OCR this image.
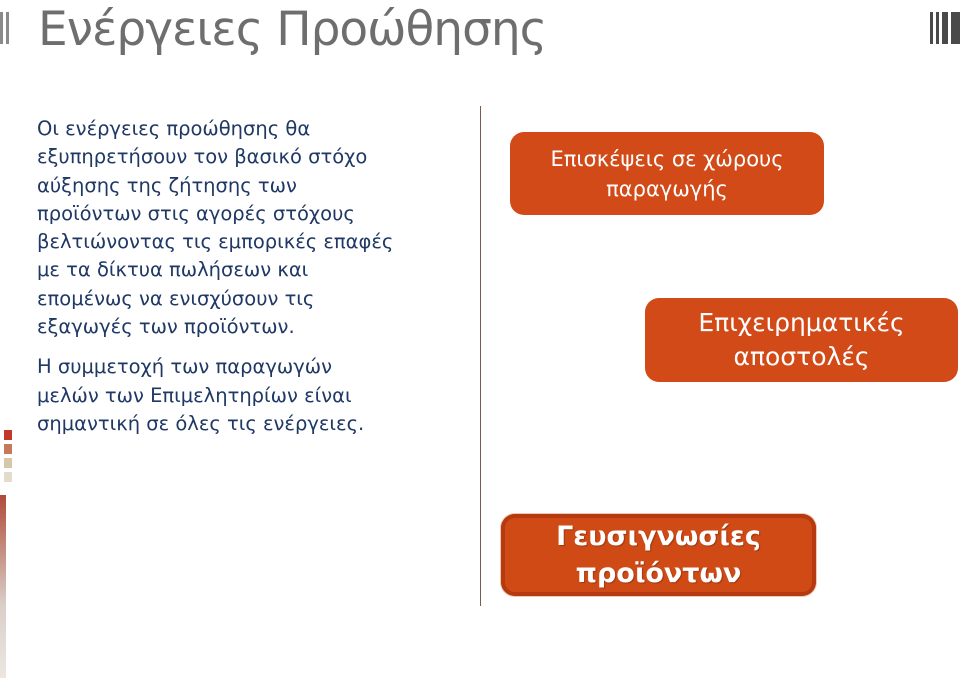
Ενέργειες Προώθησης

Οι ενέργειες προώθησης θα

εξυπηρετήσουν τον βασικό στόχο

αύξησης της ζήτησης των

προϊόντων στις αγορές στόχους

βελτιώνοντας τις εμπορικές επαφές

με τα δίκτυα πωλήσεων και

επομένως να ενισχύσουν τις

εξαγωγές των προϊόντων.

Η συμμετοχή των παραγωγών

μελών των Επιμελητηρίων είναι

σημαντική σε όλες τις ενέργειες.

Επισκέψεις σε χώρους
παραγωγής
Επιχειρηματικές
αποστολές
Γευσιγνωσίες
προϊόντων
